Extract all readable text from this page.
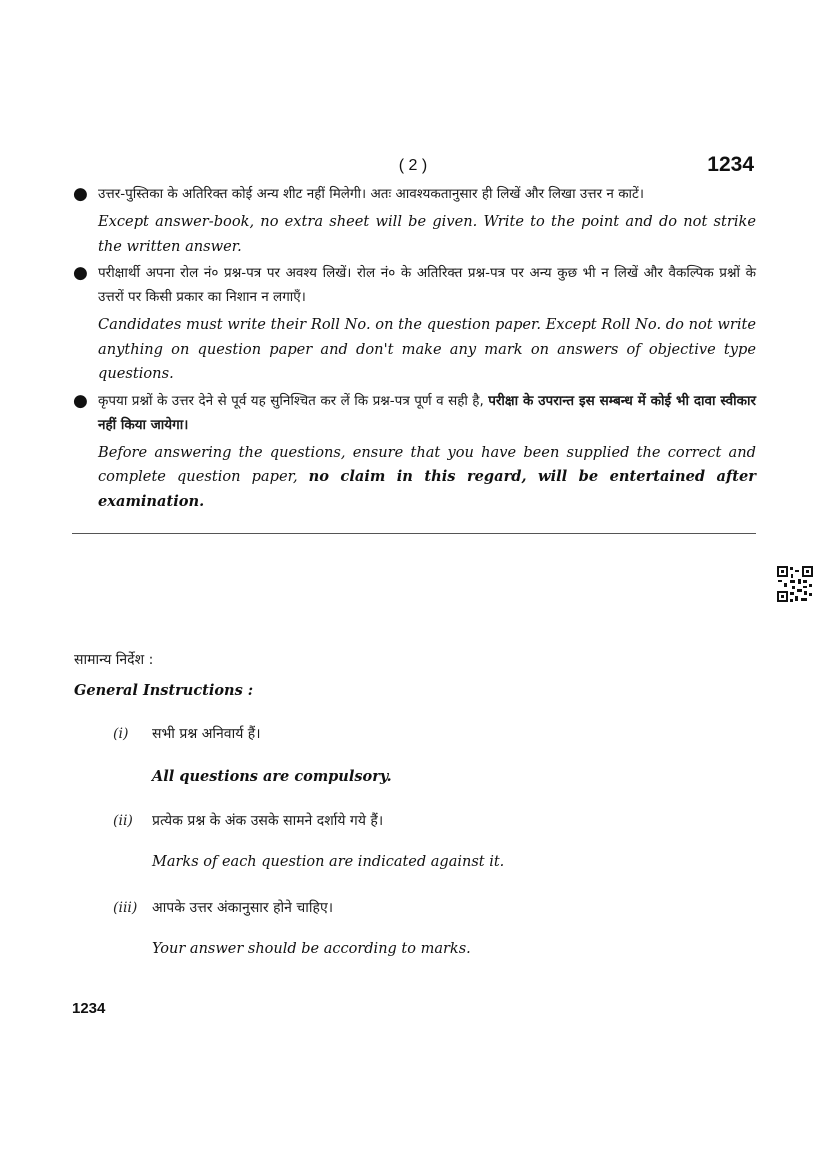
( 2 )	1234
● उत्तर-पुस्तिका के अतिरिक्त कोई अन्य शीट नहीं मिलेगी। अतः आवश्यकतानुसार ही लिखें और लिखा उत्तर न काटें।
Except answer-book, no extra sheet will be given. Write to the point and do not strike the written answer.
● परीक्षार्थी अपना रोल नं० प्रश्न-पत्र पर अवश्य लिखें। रोल नं० के अतिरिक्त प्रश्न-पत्र पर अन्य कुछ भी न लिखें और वैकल्पिक प्रश्नों के उत्तरों पर किसी प्रकार का निशान न लगाएँ।
Candidates must write their Roll No. on the question paper. Except Roll No. do not write anything on question paper and don't make any mark on answers of objective type questions.
● कृपया प्रश्नों के उत्तर देने से पूर्व यह सुनिश्चित कर लें कि प्रश्न-पत्र पूर्ण व सही है, परीक्षा के उपरान्त इस सम्बन्ध में कोई भी दावा स्वीकार नहीं किया जायेगा।
Before answering the questions, ensure that you have been supplied the correct and complete question paper, no claim in this regard, will be entertained after examination.
सामान्य निर्देश :
General Instructions :
(i) सभी प्रश्न अनिवार्य हैं।
All questions are compulsory.
(ii) प्रत्येक प्रश्न के अंक उसके सामने दर्शाये गये हैं।
Marks of each question are indicated against it.
(iii) आपके उत्तर अंकानुसार होने चाहिए।
Your answer should be according to marks.
1234
